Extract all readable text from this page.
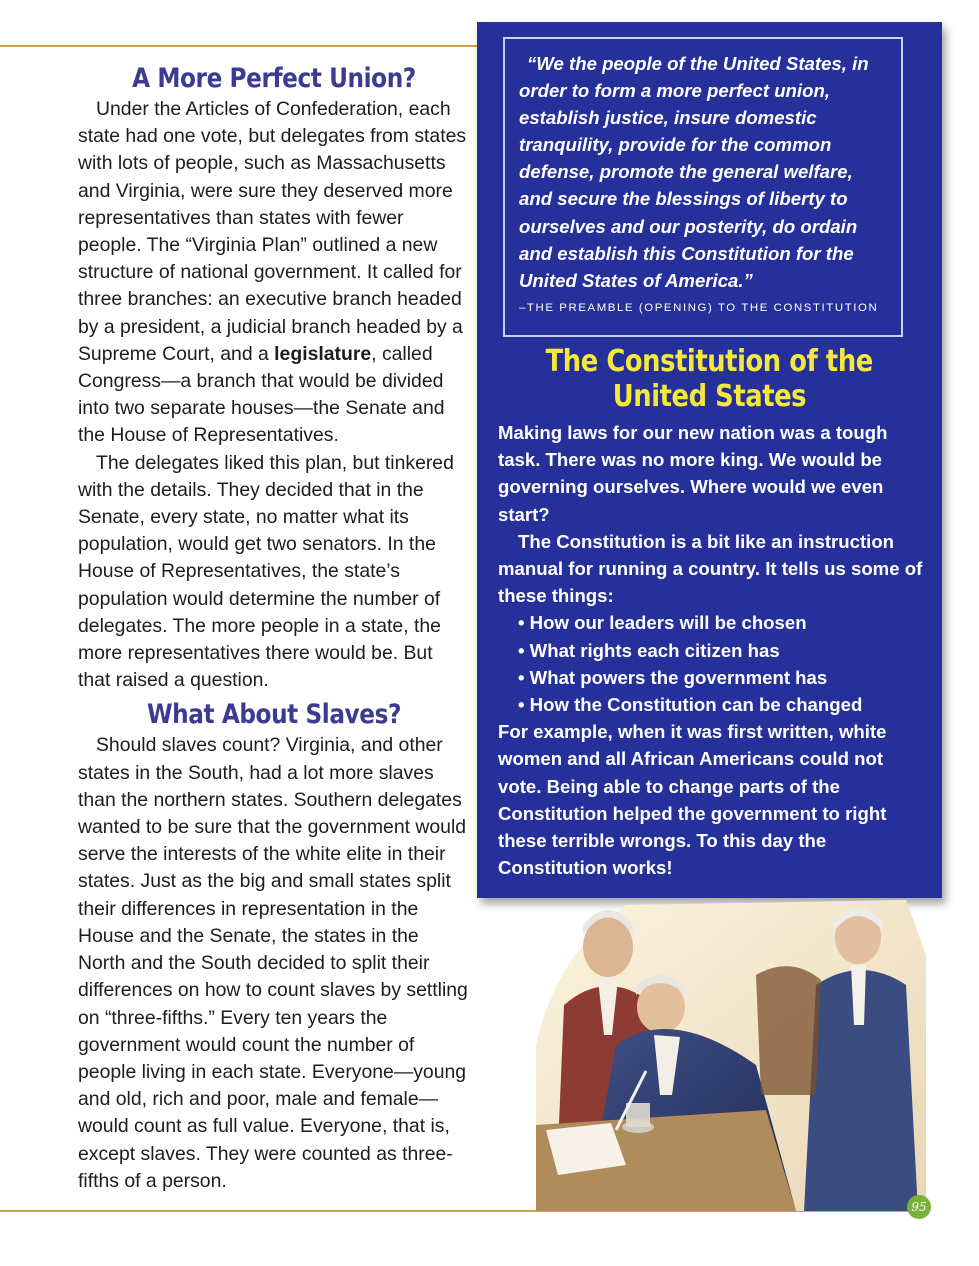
A More Perfect Union?

Under the Articles of Confederation, each state had one vote, but delegates from states with lots of people, such as Massachusetts and Virginia, were sure they deserved more representatives than states with fewer people. The “Virginia Plan” outlined a new structure of national government. It called for three branches: an executive branch headed by a president, a judicial branch headed by a Supreme Court, and a legislature, called Congress—a branch that would be divided into two separate houses—the Senate and the House of Representatives.

The delegates liked this plan, but tinkered with the details. They decided that in the Senate, every state, no matter what its population, would get two senators. In the House of Representatives, the state’s population would determine the number of delegates. The more people in a state, the more representatives there would be. But that raised a question.

What About Slaves?

Should slaves count? Virginia, and other states in the South, had a lot more slaves than the northern states. Southern delegates wanted to be sure that the government would serve the interests of the white elite in their states. Just as the big and small states split their differences in representation in the House and the Senate, the states in the North and the South decided to split their differences on how to count slaves by settling on “three-fifths.” Every ten years the government would count the number of people living in each state. Everyone—young and old, rich and poor, male and female—would count as full value. Everyone, that is, except slaves. They were counted as three-fifths of a person.

“We the people of the United States, in order to form a more perfect union, establish justice, insure domestic tranquility, provide for the common defense, promote the general welfare, and secure the blessings of liberty to ourselves and our posterity, do ordain and establish this Constitution for the United States of America.”

–THE PREAMBLE (OPENING) TO THE CONSTITUTION
The Constitution of the
United States

Making laws for our new nation was a tough task. There was no more king. We would be governing ourselves. Where would we even start?

The Constitution is a bit like an instruction manual for running a country. It tells us some of these things:

• How our leaders will be chosen

• What rights each citizen has

• What powers the government has

• How the Constitution can be changed

For example, when it was first written, white women and all African Americans could not vote. Being able to change parts of the Constitution helped the government to right these terrible wrongs. To this day the Constitution works!

95
